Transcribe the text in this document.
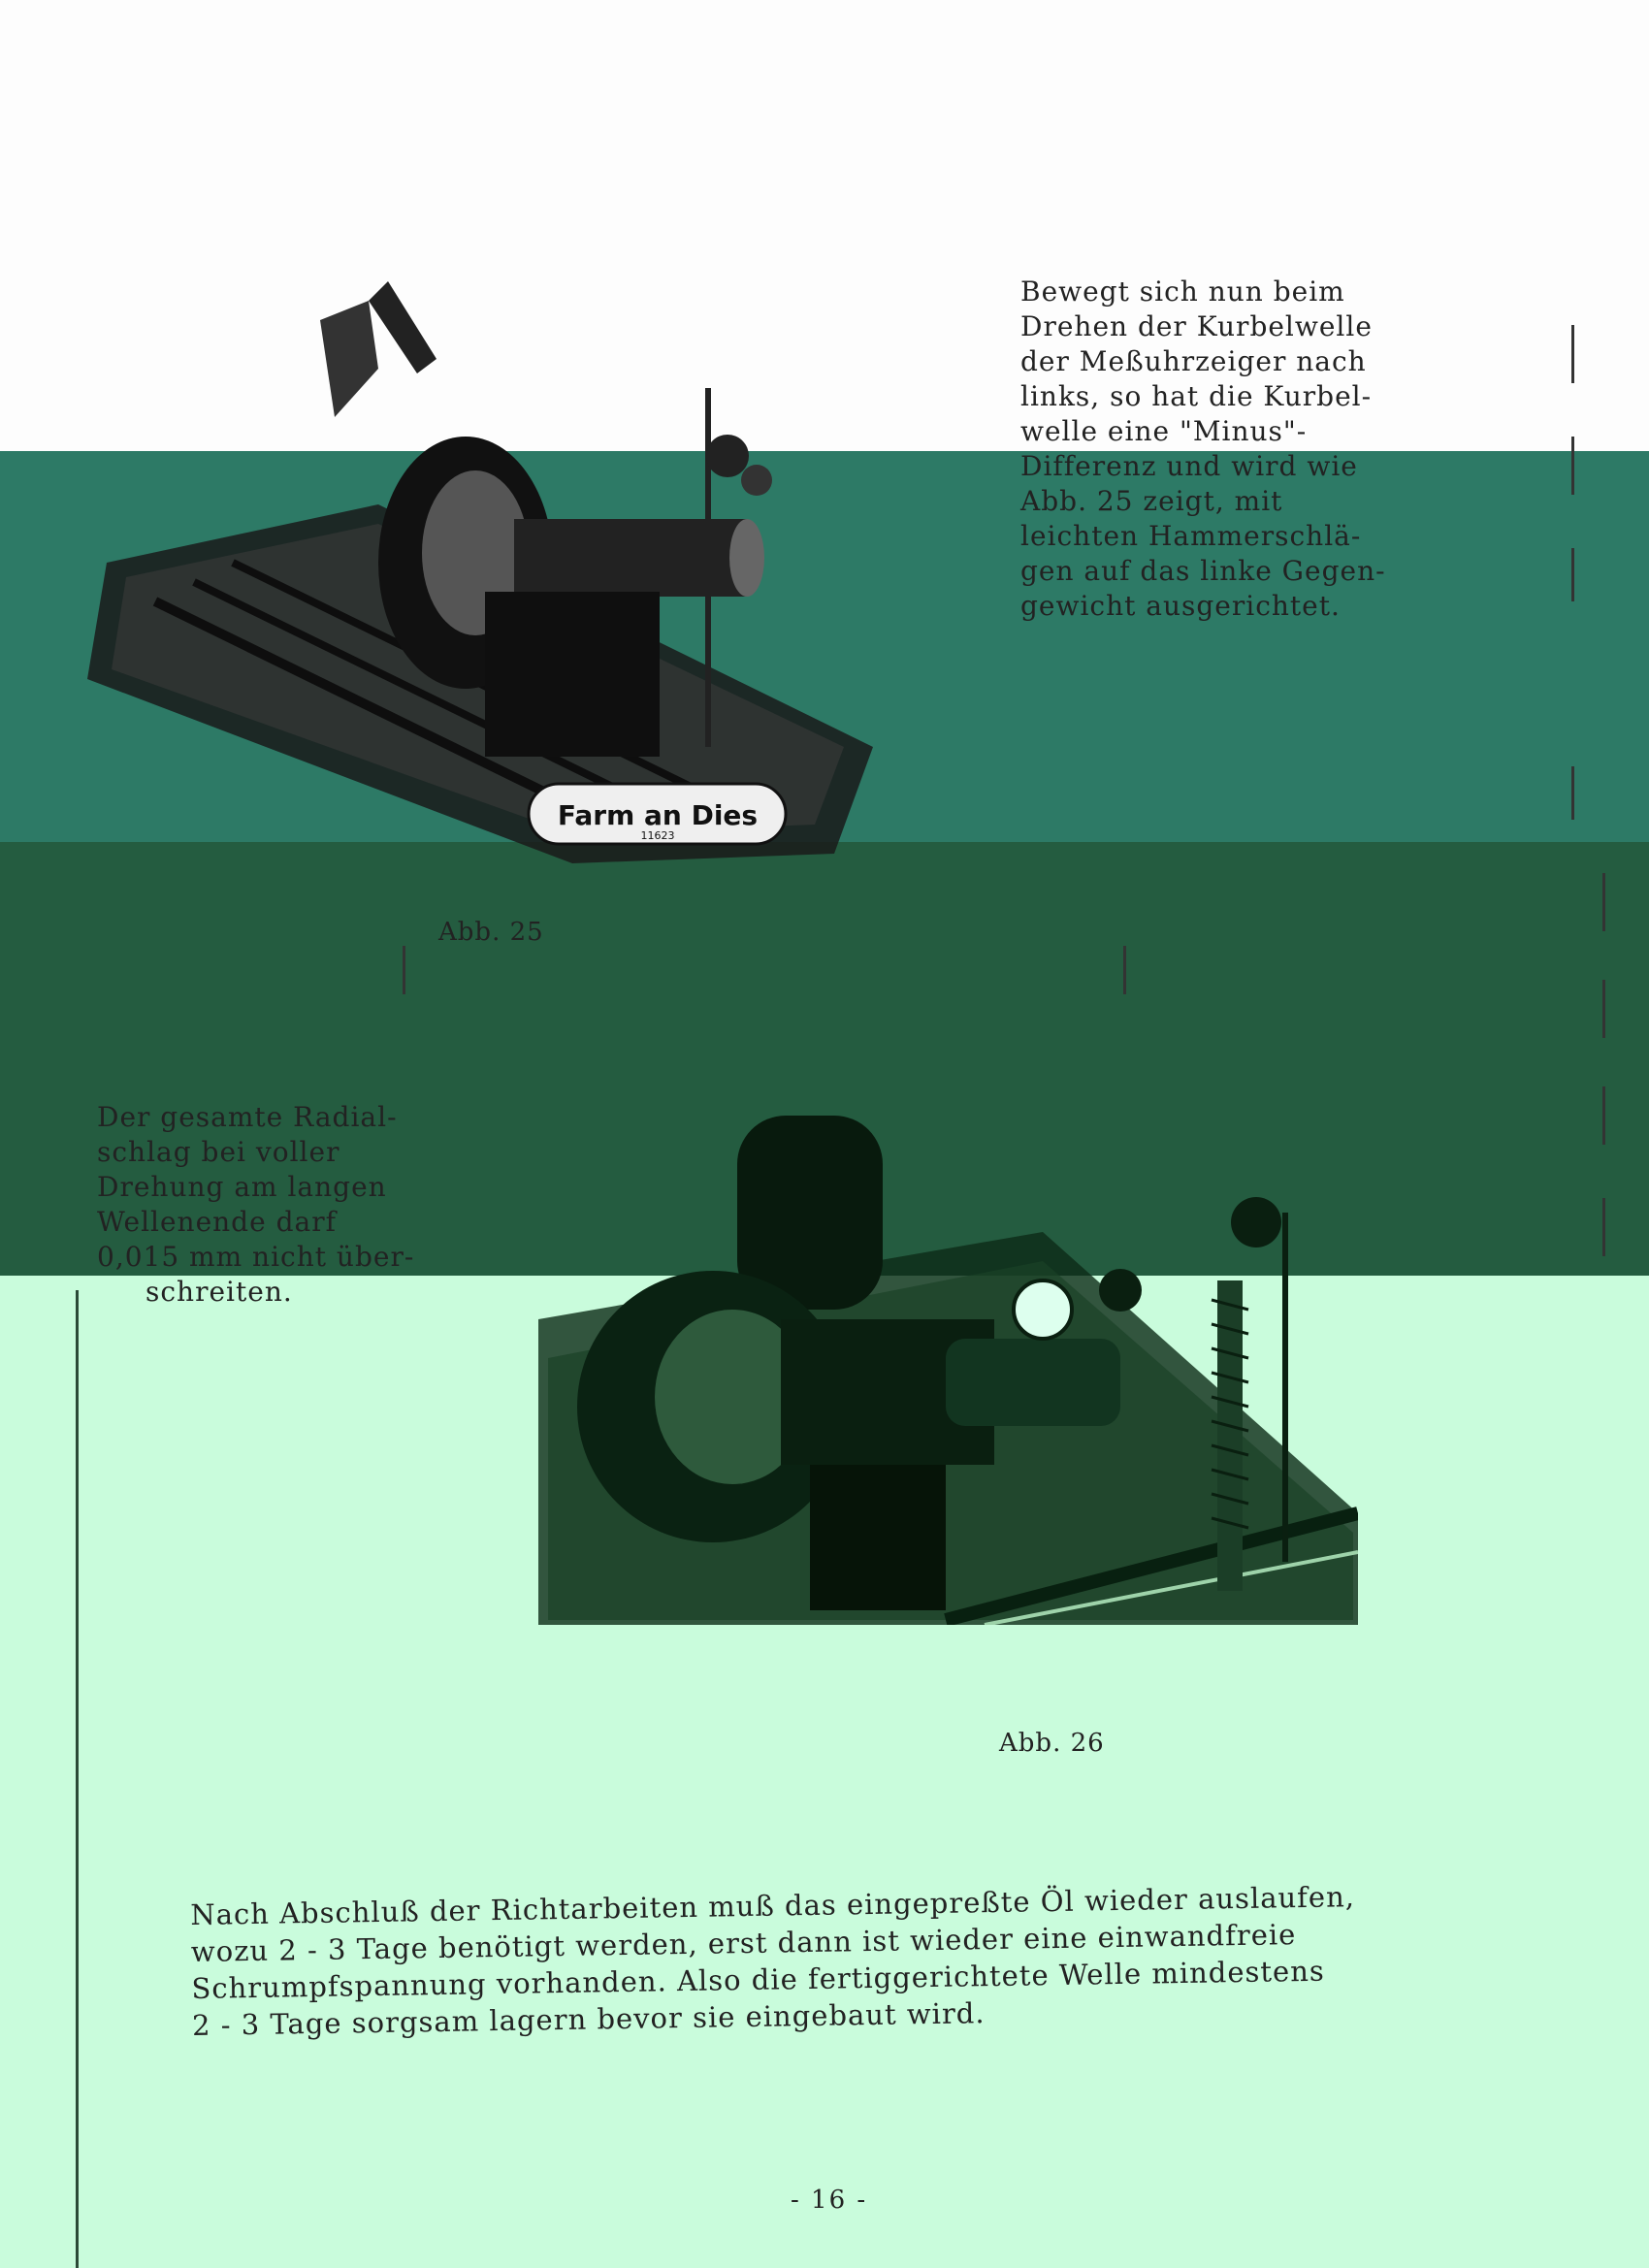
Farm an Dies
11623
Bewegt sich nun beim
Drehen der Kurbelwelle
der Meßuhrzeiger nach
links, so hat die Kurbel-
welle eine "Minus"-
Differenz und wird wie
Abb. 25 zeigt, mit
leichten Hammerschlä-
gen auf das linke Gegen-
gewicht ausgerichtet.
Abb. 25
Abb. 26
Der gesamte Radial-
schlag bei voller
Drehung am langen
Wellenende darf
0,015 mm nicht über-
schreiten.
Nach Abschluß der Richtarbeiten muß das eingepreßte Öl wieder auslaufen,
wozu 2 - 3 Tage benötigt werden, erst dann ist wieder eine einwandfreie
Schrumpfspannung vorhanden. Also die fertiggerichtete Welle mindestens
2 - 3 Tage sorgsam lagern bevor sie eingebaut wird.
- 16 -
